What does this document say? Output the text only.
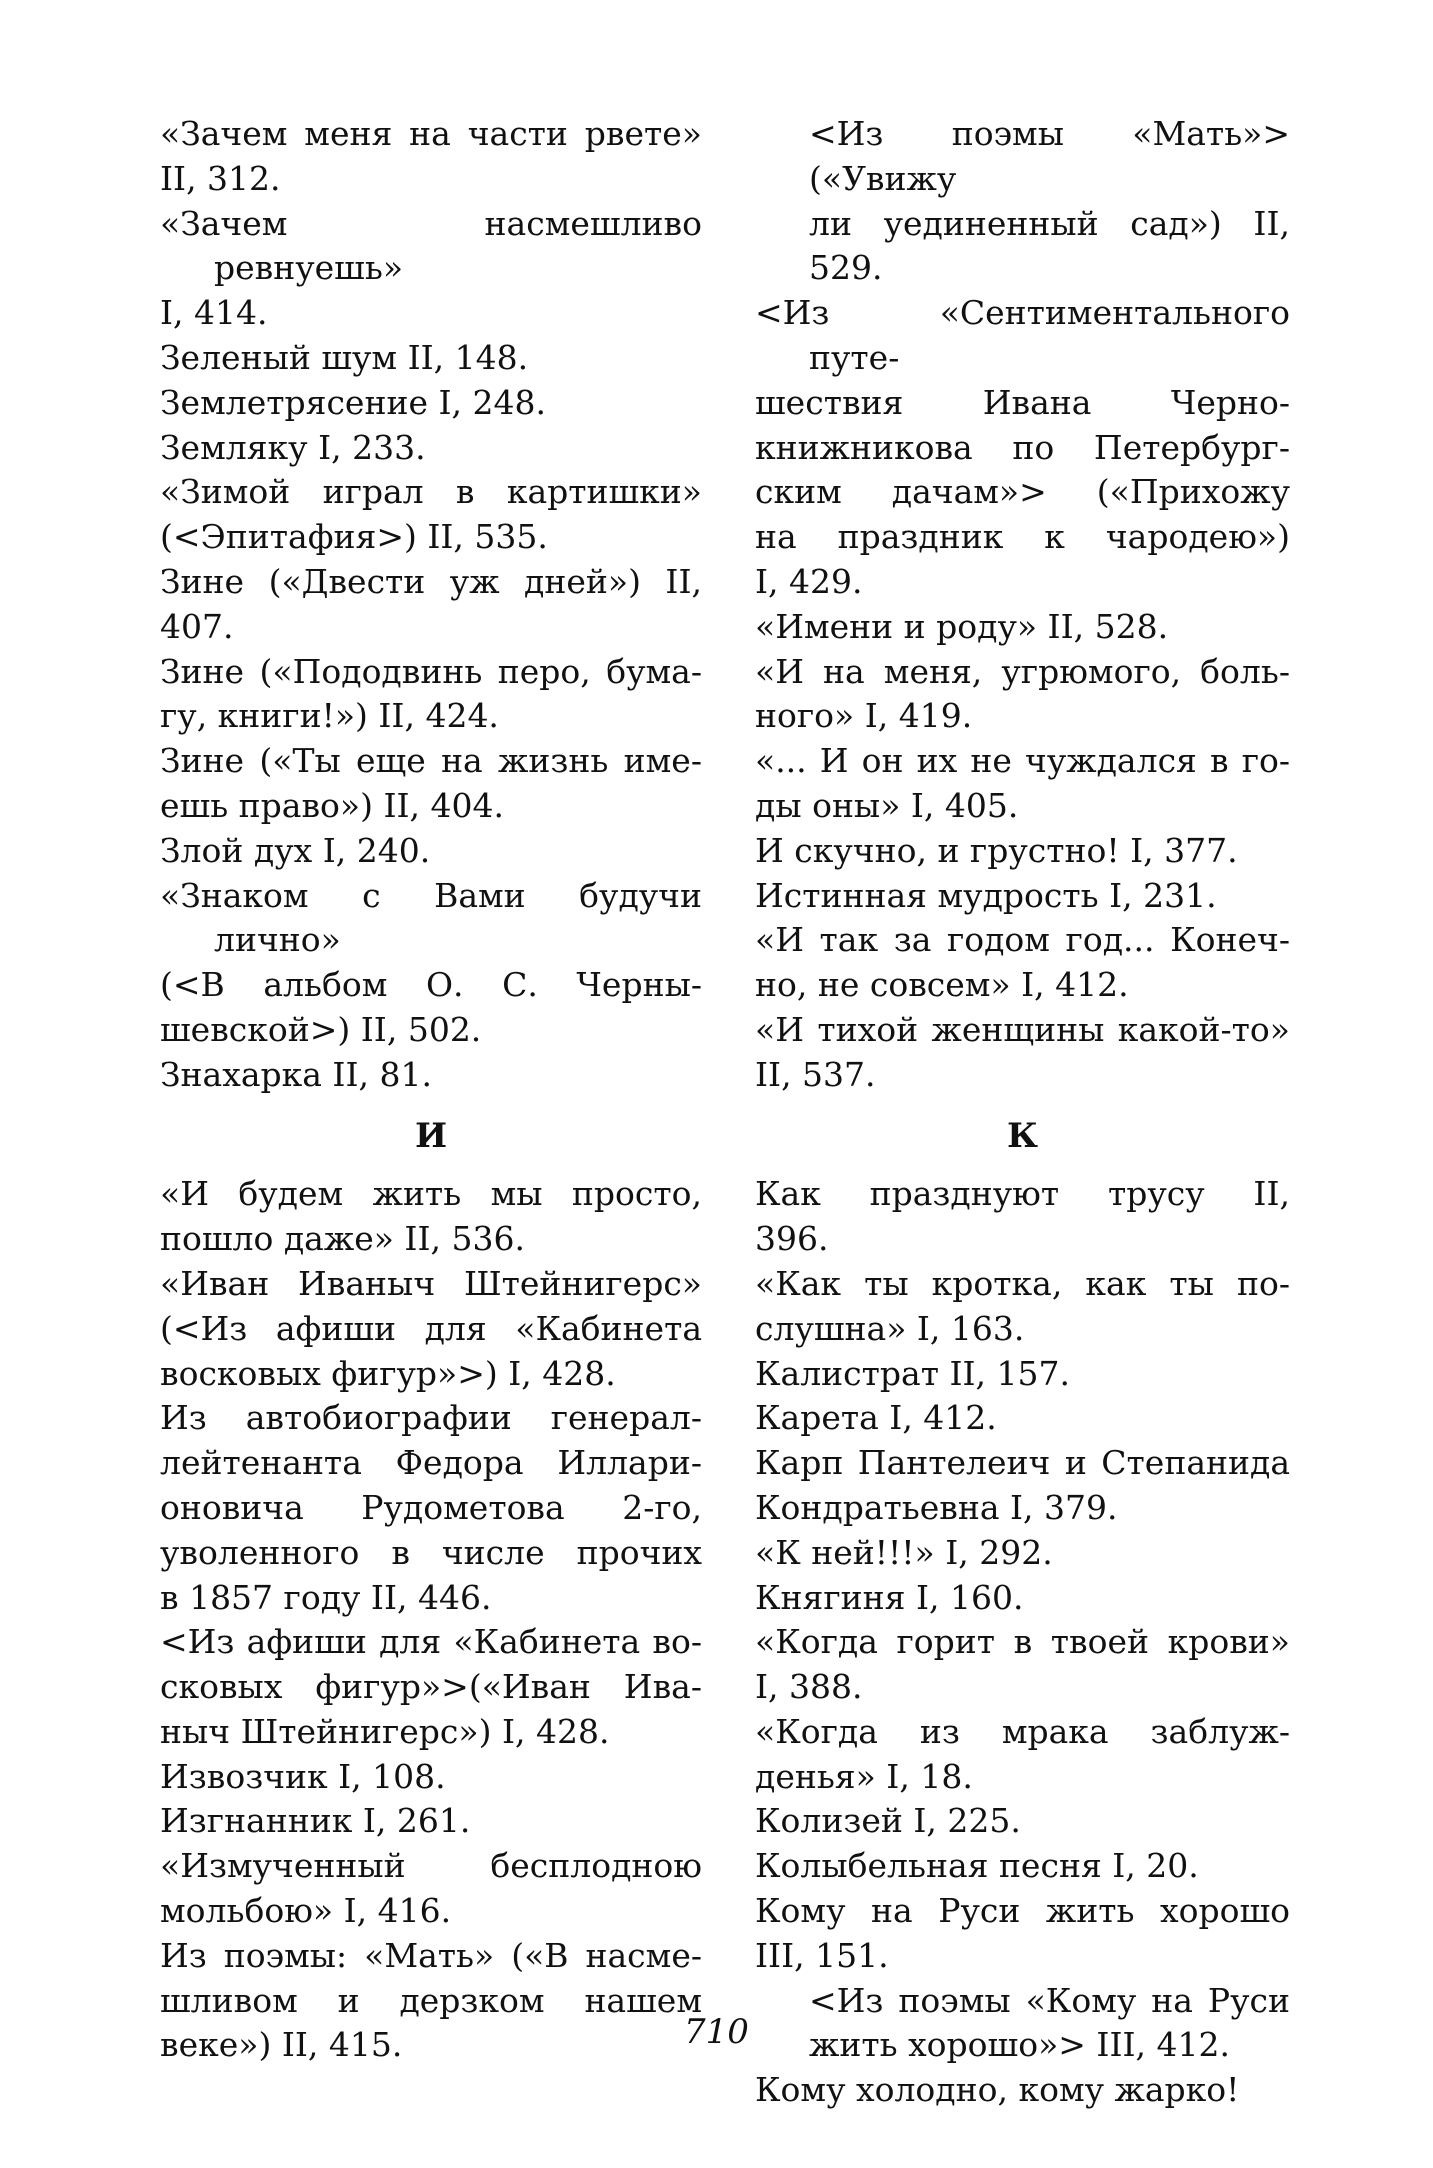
«Зачем меня на части рвете»
II, 312.

«Зачем насмешливо ревнуешь»
I, 414.

Зеленый шум II, 148.

Землетрясение I, 248.

Земляку I, 233.

«Зимой играл в картишки»
(<Эпитафия>) II, 535.

Зине («Двести уж дней») II,
407.

Зине («Пододвинь перо, бума-
гу, книги!») II, 424.

Зине («Ты еще на жизнь име-
ешь право») II, 404.

Злой дух I, 240.

«Знаком с Вами будучи лично»
(<В альбом О. С. Черны-
шевской>) II, 502.

Знахарка II, 81.

И

«И будем жить мы просто,
пошло даже» II, 536.

«Иван Иваныч Штейнигерс»
(<Из афиши для «Кабинета
восковых фигур»>) I, 428.

Из автобиографии генерал-
лейтенанта Федора Иллари-
оновича Рудометова 2-го,
уволенного в числе прочих
в 1857 году II, 446.

<Из афиши для «Кабинета во-
сковых фигур»>(«Иван Ива-
ныч Штейнигерс») I, 428.

Извозчик I, 108.

Изгнанник I, 261.

«Измученный бесплодною
мольбою» I, 416.

Из поэмы: «Мать» («В насме-
шливом и дерзком нашем
веке») II, 415.

<Из поэмы «Мать»> («Увижу
ли уединенный сад») II, 529.

<Из «Сентиментального путе-
шествия Ивана Черно-
книжникова по Петербург-
ским дачам»> («Прихожу
на праздник к чародею»)
I, 429.

«Имени и роду» II, 528.

«И на меня, угрюмого, боль-
ного» I, 419.

«... И он их не чуждался в го-
ды оны» I, 405.

И скучно, и грустно! I, 377.

Истинная мудрость I, 231.

«И так за годом год... Конеч-
но, не совсем» I, 412.

«И тихой женщины какой-то»
II, 537.

К

Как празднуют трусу II,
396.

«Как ты кротка, как ты по-
слушна» I, 163.

Калистрат II, 157.

Карета I, 412.

Карп Пантелеич и Степанида
Кондратьевна I, 379.

«К ней!!!» I, 292.

Княгиня I, 160.

«Когда горит в твоей крови»
I, 388.

«Когда из мрака заблуж-
денья» I, 18.

Колизей I, 225.

Колыбельная песня I, 20.

Кому на Руси жить хорошо
III, 151.

<Из поэмы «Кому на Руси
жить хорошо»> III, 412.

Кому холодно, кому жарко!

710
